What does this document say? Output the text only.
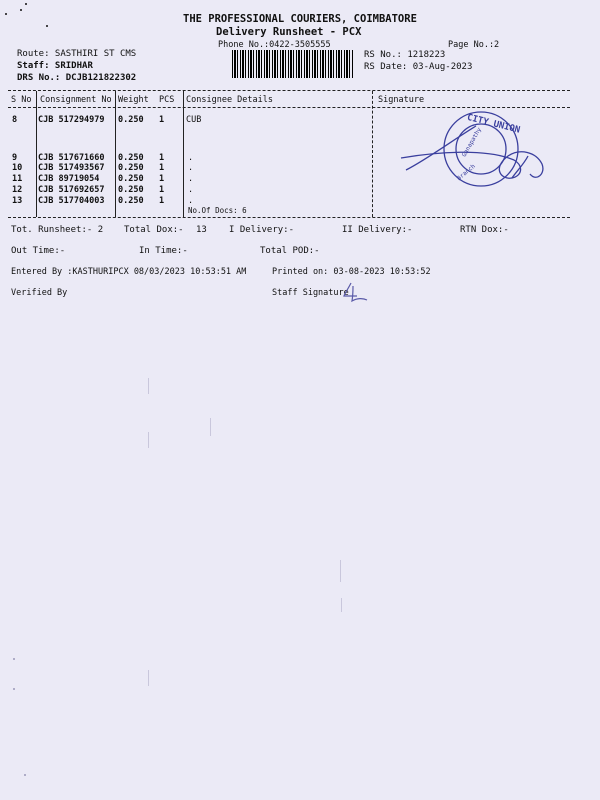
THE PROFESSIONAL COURIERS, COIMBATORE
Delivery Runsheet - PCX
Phone No.:0422-3505555	Page No.:2
Route: SASTHIRI ST CMS
Staff: SRIDHAR
DRS No.: DCJB121822302
RS No.: 1218223
RS Date: 03-Aug-2023
S No Consignment No Weight PCS Consignee Details	Signature
8 CJB 517294979 0.250 1	CUB
9 CJB 517671660 0.250 1	.
10 CJB 517493567 0.250 1	.
11 CJB 89719054 0.250 1	.
12 CJB 517692657 0.250 1	.
13 CJB 517704003 0.250 1	.
No.Of Docs: 6
CITY UNION
Ganapathy
Branch
Tot. Runsheet:- 2 Total Dox:- 13 I Delivery:-	II Delivery:-	RTN Dox:-
Out Time:-	In Time:-	Total POD:-
Entered By :KASTHURIPCX 08/03/2023 10:53:51 AM	Printed on: 03-08-2023 10:53:52
Verified By	Staff Signature
